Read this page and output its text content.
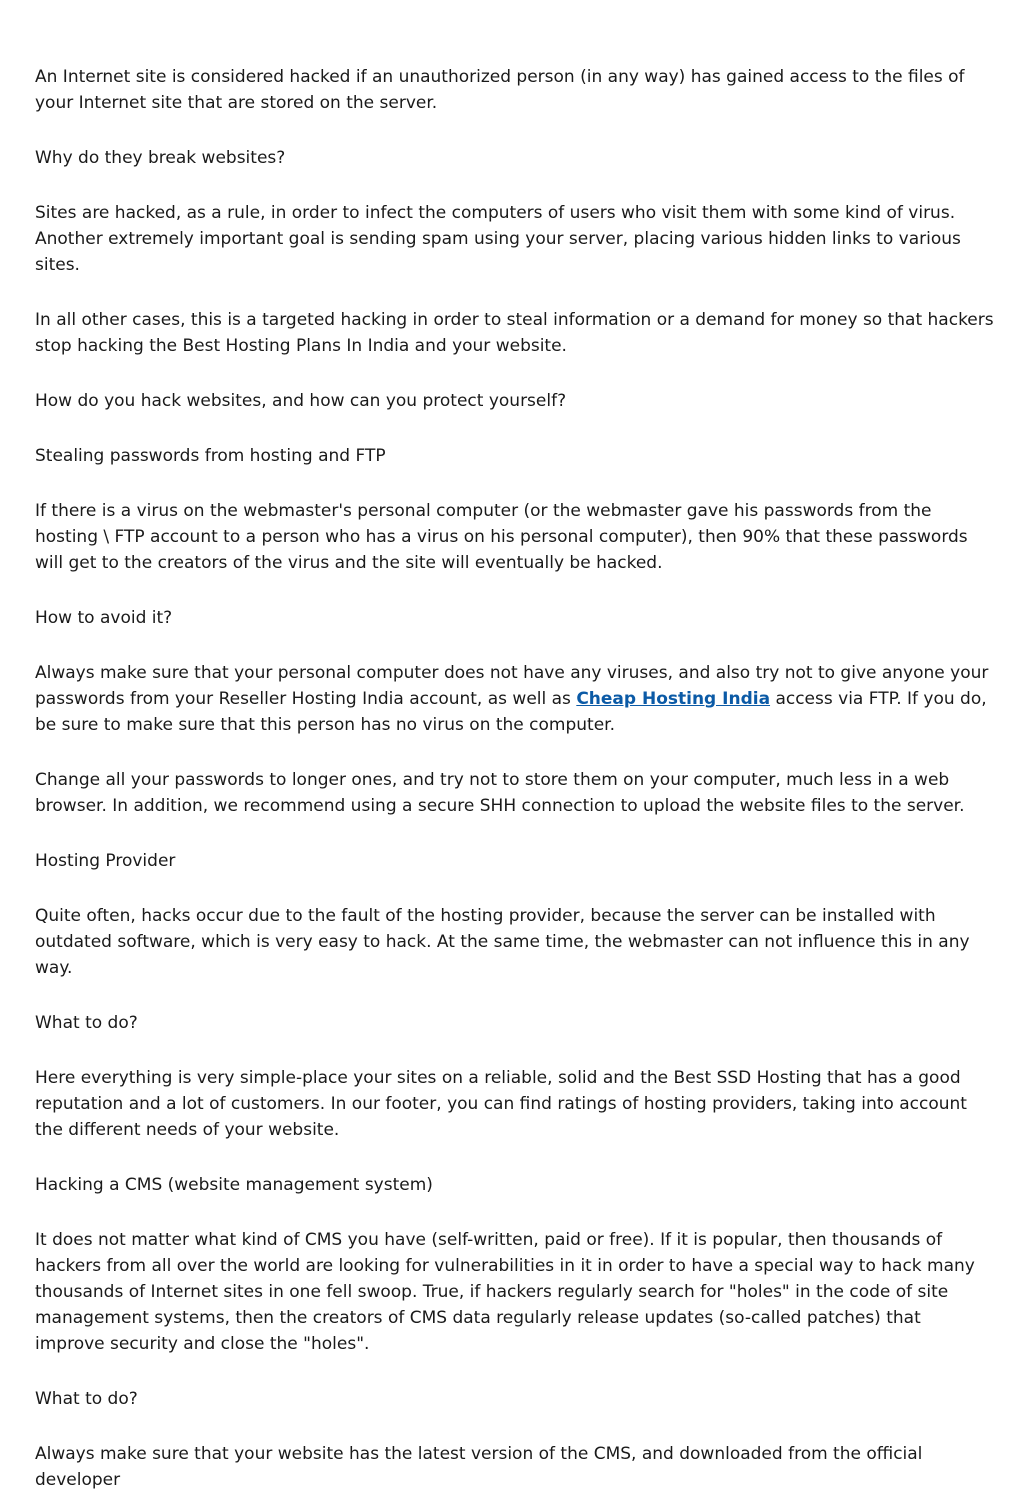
An Internet site is considered hacked if an unauthorized person (in any way) has gained access to the files of your Internet site that are stored on the server.

Why do they break websites?

Sites are hacked, as a rule, in order to infect the computers of users who visit them with some kind of virus. Another extremely important goal is sending spam using your server, placing various hidden links to various sites.

In all other cases, this is a targeted hacking in order to steal information or a demand for money so that hackers stop hacking the Best Hosting Plans In India and your website.

How do you hack websites, and how can you protect yourself?

Stealing passwords from hosting and FTP

If there is a virus on the webmaster's personal computer (or the webmaster gave his passwords from the hosting \ FTP account to a person who has a virus on his personal computer), then 90% that these passwords will get to the creators of the virus and the site will eventually be hacked.

How to avoid it?

Always make sure that your personal computer does not have any viruses, and also try not to give anyone your passwords from your Reseller Hosting India account, as well as Cheap Hosting India access via FTP. If you do, be sure to make sure that this person has no virus on the computer.

Change all your passwords to longer ones, and try not to store them on your computer, much less in a web browser. In addition, we recommend using a secure SHH connection to upload the website files to the server.

Hosting Provider

Quite often, hacks occur due to the fault of the hosting provider, because the server can be installed with outdated software, which is very easy to hack. At the same time, the webmaster can not influence this in any way.

What to do?

Here everything is very simple-place your sites on a reliable, solid and the Best SSD Hosting that has a good reputation and a lot of customers. In our footer, you can find ratings of hosting providers, taking into account the different needs of your website.

Hacking a CMS (website management system)

It does not matter what kind of CMS you have (self-written, paid or free). If it is popular, then thousands of hackers from all over the world are looking for vulnerabilities in it in order to have a special way to hack many thousands of Internet sites in one fell swoop. True, if hackers regularly search for "holes" in the code of site management systems, then the creators of CMS data regularly release updates (so-called patches) that improve security and close the "holes".

What to do?

Always make sure that your website has the latest version of the CMS, and downloaded from the official developer
